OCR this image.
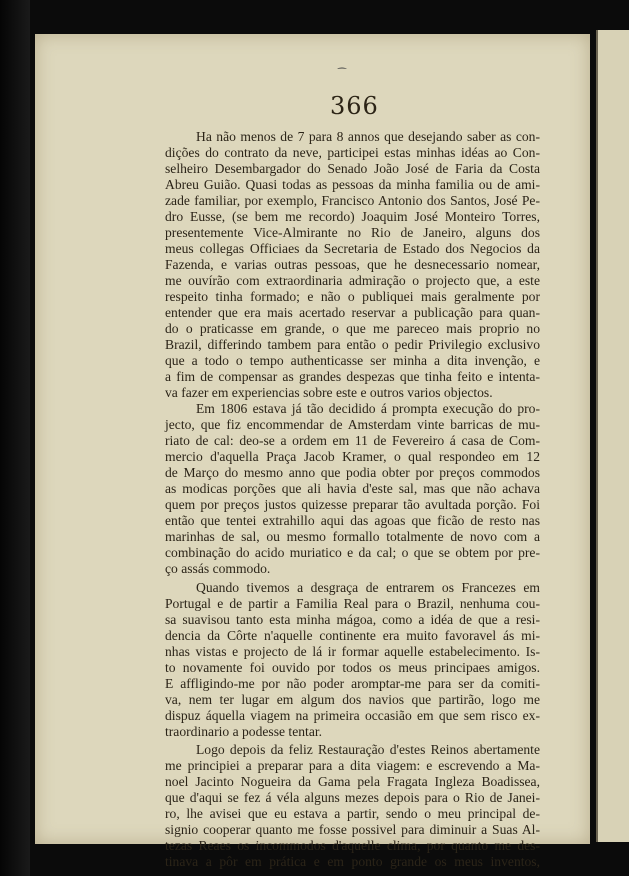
⁀
366
Ha não menos de 7 para 8 annos que desejando saber as con-
dições do contrato da neve, participei estas minhas idéas ao Con-
selheiro Desembargador do Senado João José de Faria da Costa
Abreu Guião. Quasi todas as pessoas da minha familia ou de ami-
zade familiar, por exemplo, Francisco Antonio dos Santos, José Pe-
dro Eusse, (se bem me recordo) Joaquim José Monteiro Torres,
presentemente Vice-Almirante no Rio de Janeiro, alguns dos
meus collegas Officiaes da Secretaria de Estado dos Negocios da
Fazenda, e varias outras pessoas, que he desnecessario nomear,
me ouvírão com extraordinaria admiração o projecto que, a este
respeito tinha formado; e não o publiquei mais geralmente por
entender que era mais acertado reservar a publicação para quan-
do o praticasse em grande, o que me pareceo mais proprio no
Brazil, differindo tambem para então o pedir Privilegio exclusivo
que a todo o tempo authenticasse ser minha a dita invenção, e
a fim de compensar as grandes despezas que tinha feito e intenta-
va fazer em experiencias sobre este e outros varios objectos.
Em 1806 estava já tão decidido á prompta execução do pro-
jecto, que fiz encommendar de Amsterdam vinte barricas de mu-
riato de cal: deo-se a ordem em 11 de Fevereiro á casa de Com-
mercio d'aquella Praça Jacob Kramer, o qual respondeo em 12
de Março do mesmo anno que podia obter por preços commodos
as modicas porções que ali havia d'este sal, mas que não achava
quem por preços justos quizesse preparar tão avultada porção. Foi
então que tentei extrahillo aqui das agoas que ficão de resto nas
marinhas de sal, ou mesmo formallo totalmente de novo com a
combinação do acido muriatico e da cal; o que se obtem por pre-
ço assás commodo.
Quando tivemos a desgraça de entrarem os Francezes em
Portugal e de partir a Familia Real para o Brazil, nenhuma cou-
sa suavisou tanto esta minha mágoa, como a idéa de que a resi-
dencia da Côrte n'aquelle continente era muito favoravel ás mi-
nhas vistas e projecto de lá ir formar aquelle estabelecimento. Is-
to novamente foi ouvido por todos os meus principaes amigos.
E affligindo-me por não poder aromptar-me para ser da comiti-
va, nem ter lugar em algum dos navios que partirão, logo me
dispuz áquella viagem na primeira occasião em que sem risco ex-
traordinario a podesse tentar.
Logo depois da feliz Restauração d'estes Reinos abertamente
me principiei a preparar para a dita viagem: e escrevendo a Ma-
noel Jacinto Nogueira da Gama pela Fragata Ingleza Boadissea,
que d'aqui se fez á véla alguns mezes depois para o Rio de Janei-
ro, lhe avisei que eu estava a partir, sendo o meu principal de-
signio cooperar quanto me fosse possivel para diminuir a Suas Al-
tezas Reaes os incommodos d'aquelle clima, por quanto me des-
tinava a pôr em prática e em ponto grande os meus inventos,
